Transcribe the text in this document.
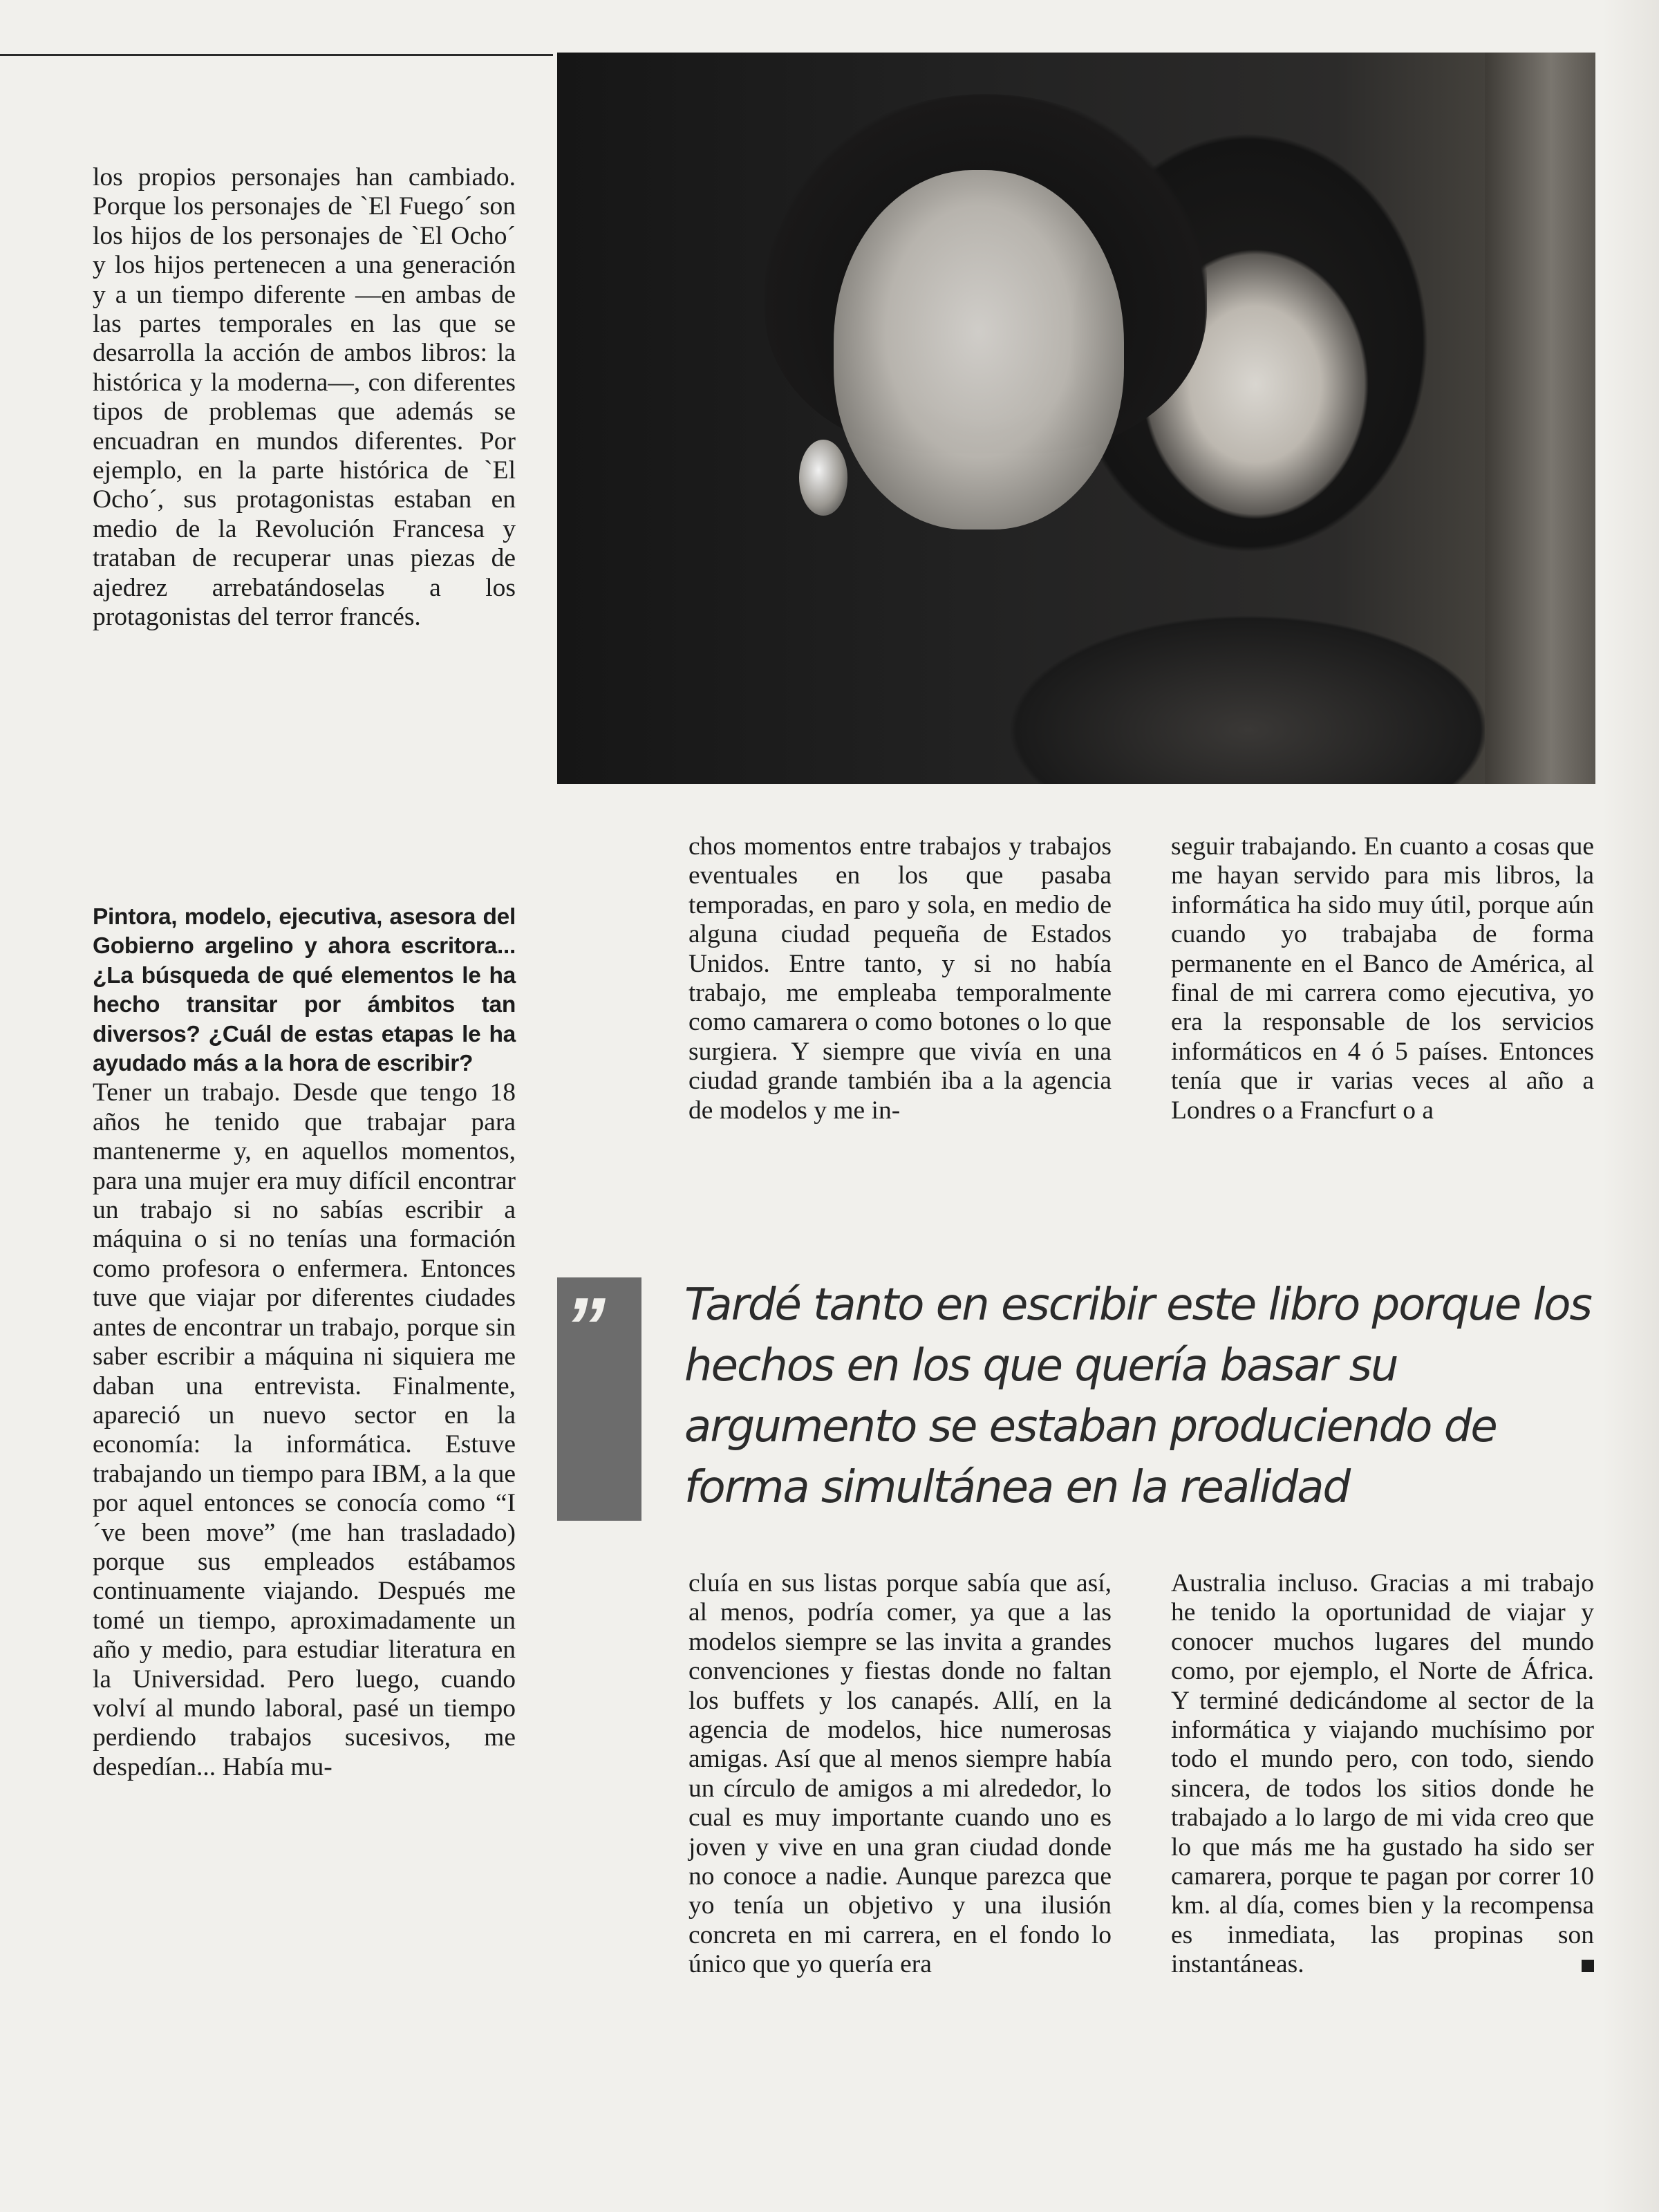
los propios personajes han cambiado. Porque los personajes de `El Fuego´ son los hijos de los personajes de `El Ocho´ y los hijos pertenecen a una generación y a un tiempo diferente —en ambas de las partes temporales en las que se desarrolla la acción de ambos libros: la histórica y la moderna—, con diferentes tipos de problemas que además se encuadran en mundos diferentes. Por ejemplo, en la parte histórica de `El Ocho´, sus protagonistas estaban en medio de la Revolución Francesa y trataban de recuperar unas piezas de ajedrez arrebatándoselas a los protagonistas del terror francés.

Pintora, modelo, ejecutiva, asesora del Gobierno argelino y ahora escritora... ¿La búsqueda de qué elementos le ha hecho transitar por ámbitos tan diversos? ¿Cuál de estas etapas le ha ayudado más a la hora de escribir?

Tener un trabajo. Desde que tengo 18 años he tenido que trabajar para mantenerme y, en aquellos momentos, para una mujer era muy difícil encontrar un trabajo si no sabías escribir a máquina o si no tenías una formación como profesora o enfermera. Entonces tuve que viajar por diferentes ciudades antes de encontrar un trabajo, porque sin saber escribir a máquina ni siquiera me daban una entrevista. Finalmente, apareció un nuevo sector en la economía: la informática. Estuve trabajando un tiempo para IBM, a la que por aquel entonces se conocía como “I´ve been move” (me han trasladado) porque sus empleados estábamos continuamente viajando. Después me tomé un tiempo, aproximadamente un año y medio, para estudiar literatura en la Universidad. Pero luego, cuando volví al mundo laboral, pasé un tiempo perdiendo trabajos sucesivos, me despedían... Había mu-

chos momentos entre trabajos y trabajos eventuales en los que pasaba temporadas, en paro y sola, en medio de alguna ciudad pequeña de Estados Unidos. Entre tanto, y si no había trabajo, me empleaba temporalmente como camarera o como botones o lo que surgiera. Y siempre que vivía en una ciudad grande también iba a la agencia de modelos y me in-

seguir trabajando. En cuanto a cosas que me hayan servido para mis libros, la informática ha sido muy útil, porque aún cuando yo trabajaba de forma permanente en el Banco de América, al final de mi carrera como ejecutiva, yo era la responsable de los servicios informáticos en 4 ó 5 países. Entonces tenía que ir varias veces al año a Londres o a Francfurt o a

” Tardé tanto en escribir este libro porque los hechos en los que quería basar su argumento se estaban produciendo de forma simultánea en la realidad

cluía en sus listas porque sabía que así, al menos, podría comer, ya que a las modelos siempre se las invita a grandes convenciones y fiestas donde no faltan los buffets y los canapés. Allí, en la agencia de modelos, hice numerosas amigas. Así que al menos siempre había un círculo de amigos a mi alrededor, lo cual es muy importante cuando uno es joven y vive en una gran ciudad donde no conoce a nadie. Aunque parezca que yo tenía un objetivo y una ilusión concreta en mi carrera, en el fondo lo único que yo quería era

Australia incluso. Gracias a mi trabajo he tenido la oportunidad de viajar y conocer muchos lugares del mundo como, por ejemplo, el Norte de África. Y terminé dedicándome al sector de la informática y viajando muchísimo por todo el mundo pero, con todo, siendo sincera, de todos los sitios donde he trabajado a lo largo de mi vida creo que lo que más me ha gustado ha sido ser camarera, porque te pagan por correr 10 km. al día, comes bien y la recompensa es inmediata, las propinas son instantáneas.
